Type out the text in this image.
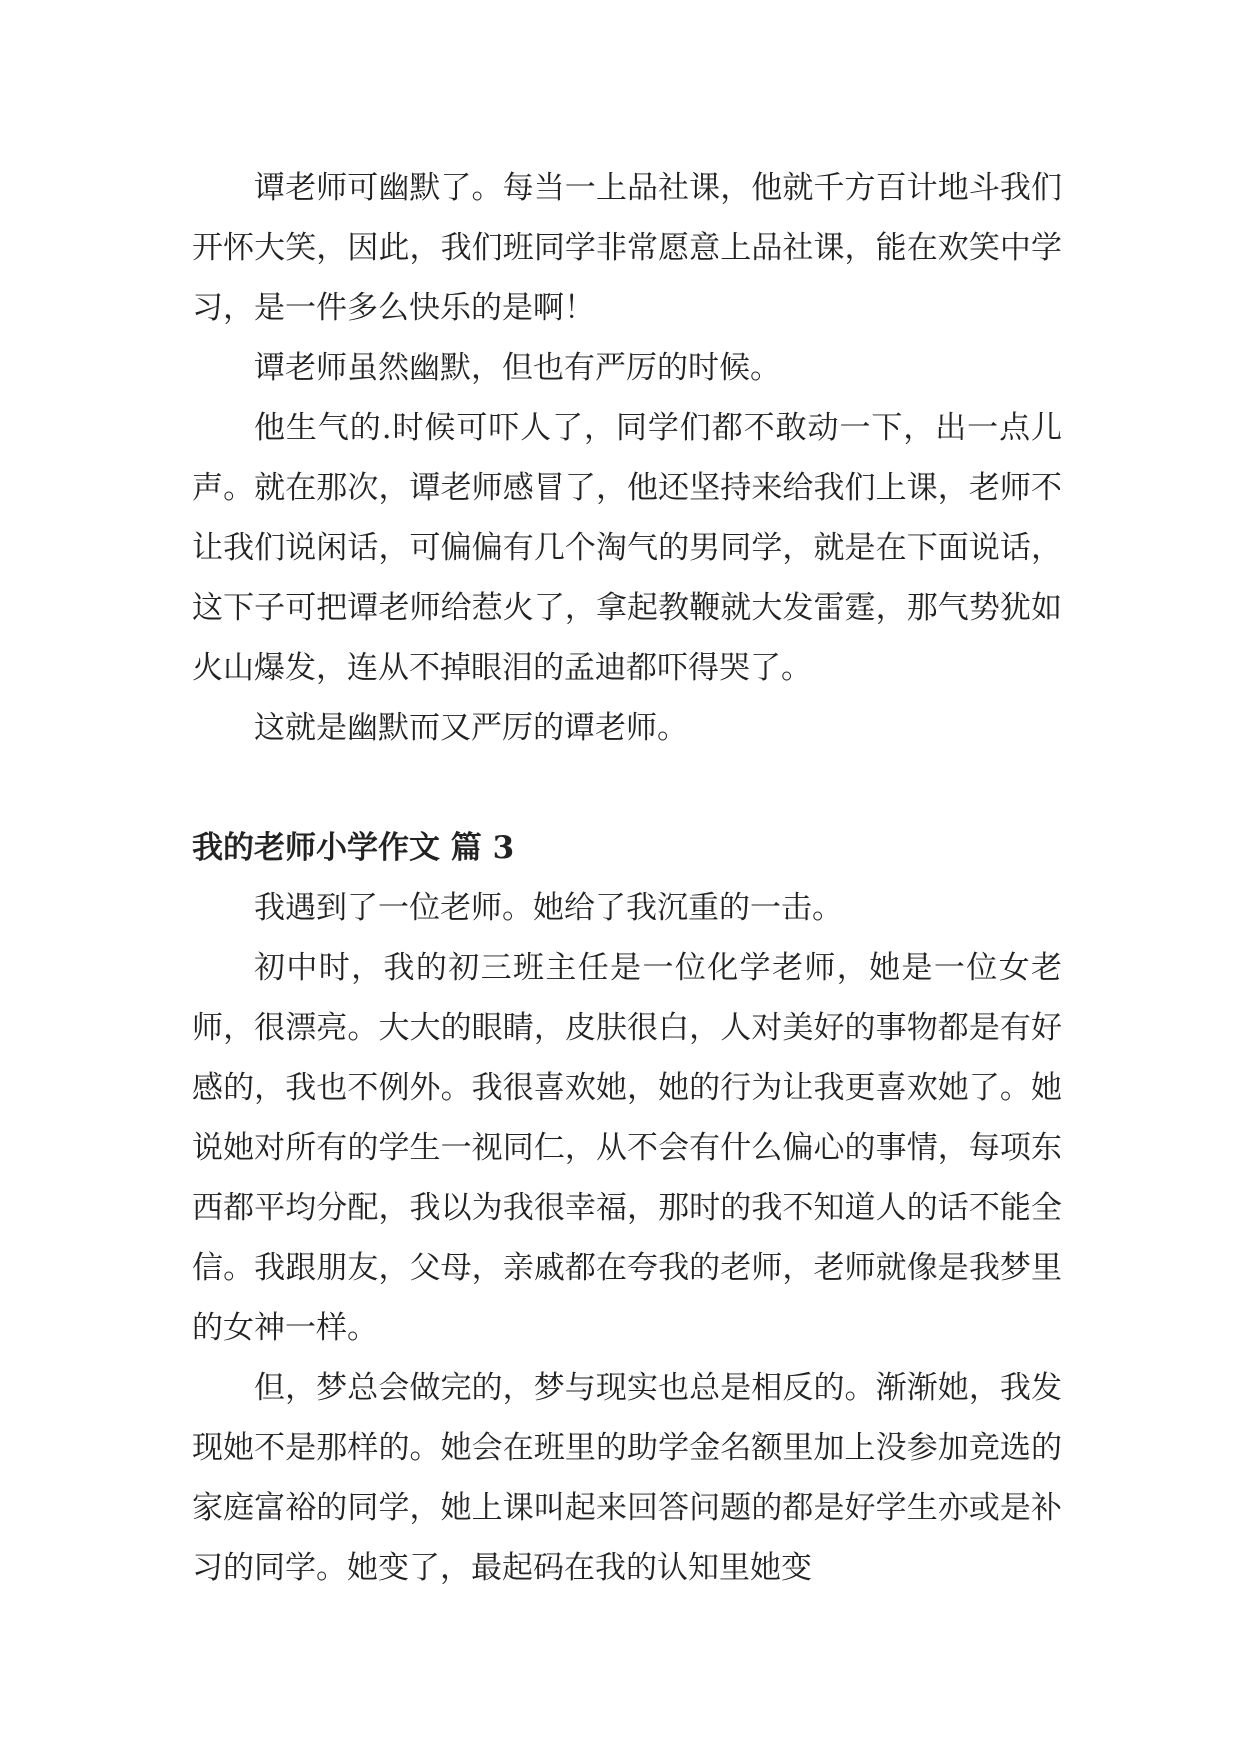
谭老师可幽默了。每当一上品社课，他就千方百计地斗我们开怀大笑，因此，我们班同学非常愿意上品社课，能在欢笑中学习，是一件多么快乐的是啊！

谭老师虽然幽默，但也有严厉的时候。

他生气的.时候可吓人了，同学们都不敢动一下，出一点儿声。就在那次，谭老师感冒了，他还坚持来给我们上课，老师不让我们说闲话，可偏偏有几个淘气的男同学，就是在下面说话，这下子可把谭老师给惹火了，拿起教鞭就大发雷霆，那气势犹如火山爆发，连从不掉眼泪的孟迪都吓得哭了。

这就是幽默而又严厉的谭老师。

我的老师小学作文 篇 3

我遇到了一位老师。她给了我沉重的一击。

初中时，我的初三班主任是一位化学老师，她是一位女老师，很漂亮。大大的眼睛，皮肤很白，人对美好的事物都是有好感的，我也不例外。我很喜欢她，她的行为让我更喜欢她了。她说她对所有的学生一视同仁，从不会有什么偏心的事情，每项东西都平均分配，我以为我很幸福，那时的我不知道人的话不能全信。我跟朋友，父母，亲戚都在夸我的老师，老师就像是我梦里的女神一样。

但，梦总会做完的，梦与现实也总是相反的。渐渐她，我发现她不是那样的。她会在班里的助学金名额里加上没参加竞选的家庭富裕的同学，她上课叫起来回答问题的都是好学生亦或是补习的同学。她变了，最起码在我的认知里她变
